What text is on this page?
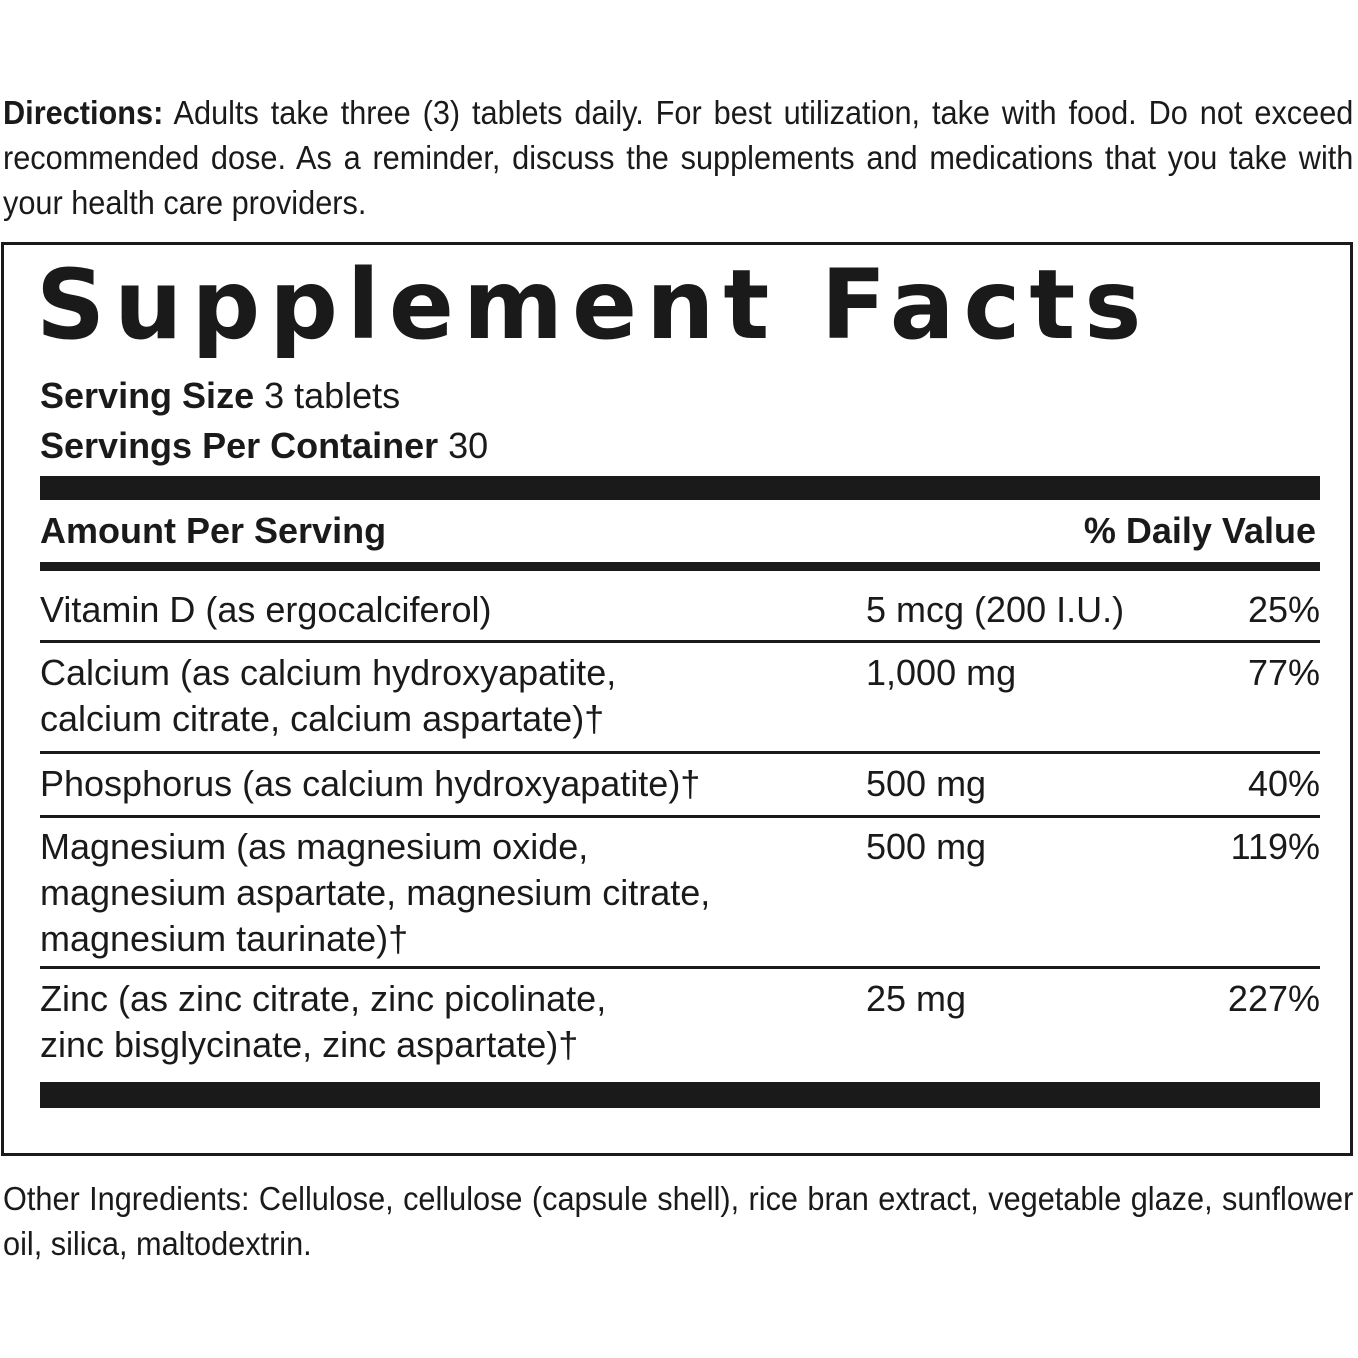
Directions: Adults take three (3) tablets daily. For best utilization, take with food. Do not exceed recommended dose. As a reminder, discuss the supplements and medications that you take with your health care providers.
Supplement Facts
Serving Size 3 tablets
Servings Per Container 30
Amount Per Serving	% Daily Value
Vitamin D (as ergocalciferol)	5 mcg (200 I.U.)	25%
Calcium (as calcium hydroxyapatite,
calcium citrate, calcium aspartate)†
1,000 mg	77%
Phosphorus (as calcium hydroxyapatite)†	500 mg	40%
Magnesium (as magnesium oxide,
magnesium aspartate, magnesium citrate,
magnesium taurinate)†
500 mg	119%
Zinc (as zinc citrate, zinc picolinate,
zinc bisglycinate, zinc aspartate)†
25 mg	227%
Other Ingredients: Cellulose, cellulose (capsule shell), rice bran extract, vegetable glaze, sunflower oil, silica, maltodextrin.
